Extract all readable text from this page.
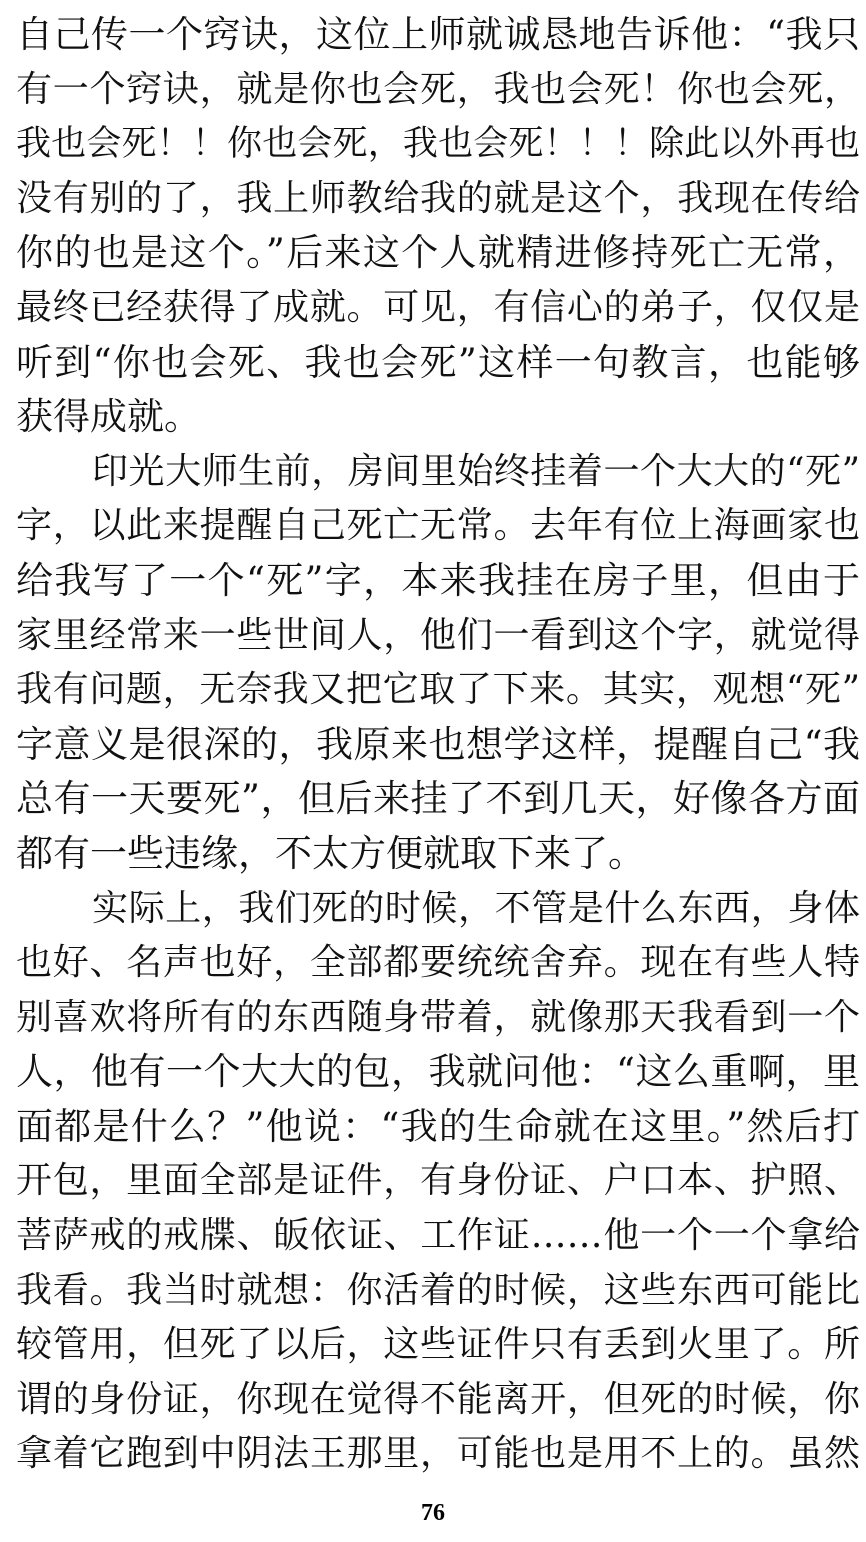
自己传一个窍诀，这位上师就诚恳地告诉他：“我只
有一个窍诀，就是你也会死，我也会死！你也会死，
我也会死！！你也会死，我也会死！！！除此以外再也
没有别的了，我上师教给我的就是这个，我现在传给
你的也是这个。”后来这个人就精进修持死亡无常，
最终已经获得了成就。可见，有信心的弟子，仅仅是
听到“你也会死、我也会死”这样一句教言，也能够
获得成就。
印光大师生前，房间里始终挂着一个大大的“死”
字，以此来提醒自己死亡无常。去年有位上海画家也
给我写了一个“死”字，本来我挂在房子里，但由于
家里经常来一些世间人，他们一看到这个字，就觉得
我有问题，无奈我又把它取了下来。其实，观想“死”
字意义是很深的，我原来也想学这样，提醒自己“我
总有一天要死”，但后来挂了不到几天，好像各方面
都有一些违缘，不太方便就取下来了。
实际上，我们死的时候，不管是什么东西，身体
也好、名声也好，全部都要统统舍弃。现在有些人特
别喜欢将所有的东西随身带着，就像那天我看到一个
人，他有一个大大的包，我就问他：“这么重啊，里
面都是什么？”他说：“我的生命就在这里。”然后打
开包，里面全部是证件，有身份证、户口本、护照、
菩萨戒的戒牒、皈依证、工作证……他一个一个拿给
我看。我当时就想：你活着的时候，这些东西可能比
较管用，但死了以后，这些证件只有丢到火里了。所
谓的身份证，你现在觉得不能离开，但死的时候，你
拿着它跑到中阴法王那里，可能也是用不上的。虽然
76
